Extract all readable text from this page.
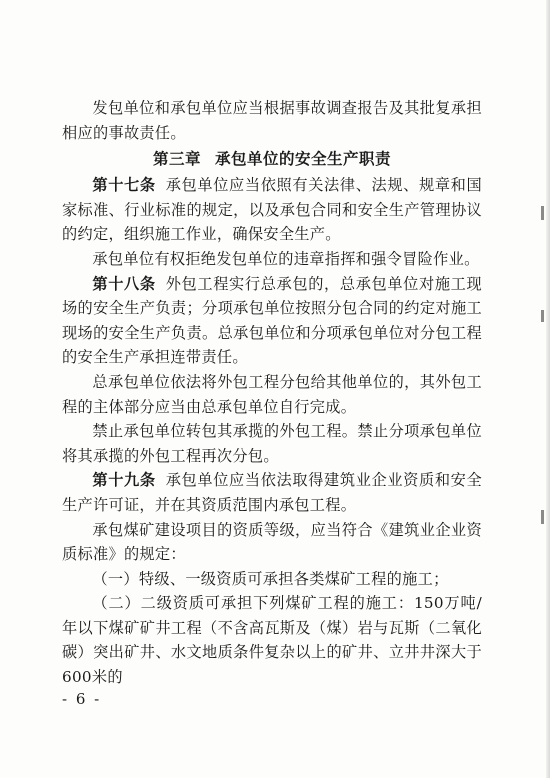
发包单位和承包单位应当根据事故调查报告及其批复承担相应的事故责任。

第三章 承包单位的安全生产职责

第十七条 承包单位应当依照有关法律、法规、规章和国家标准、行业标准的规定，以及承包合同和安全生产管理协议的约定，组织施工作业，确保安全生产。

承包单位有权拒绝发包单位的违章指挥和强令冒险作业。

第十八条 外包工程实行总承包的，总承包单位对施工现场的安全生产负责；分项承包单位按照分包合同的约定对施工现场的安全生产负责。总承包单位和分项承包单位对分包工程的安全生产承担连带责任。

总承包单位依法将外包工程分包给其他单位的，其外包工程的主体部分应当由总承包单位自行完成。

禁止承包单位转包其承揽的外包工程。禁止分项承包单位将其承揽的外包工程再次分包。

第十九条 承包单位应当依法取得建筑业企业资质和安全生产许可证，并在其资质范围内承包工程。

承包煤矿建设项目的资质等级，应当符合《建筑业企业资质标准》的规定：

（一）特级、一级资质可承担各类煤矿工程的施工；

（二）二级资质可承担下列煤矿工程的施工：150万吨/年以下煤矿矿井工程（不含高瓦斯及（煤）岩与瓦斯（二氧化碳）突出矿井、水文地质条件复杂以上的矿井、立井井深大于600米的

- 6 -
